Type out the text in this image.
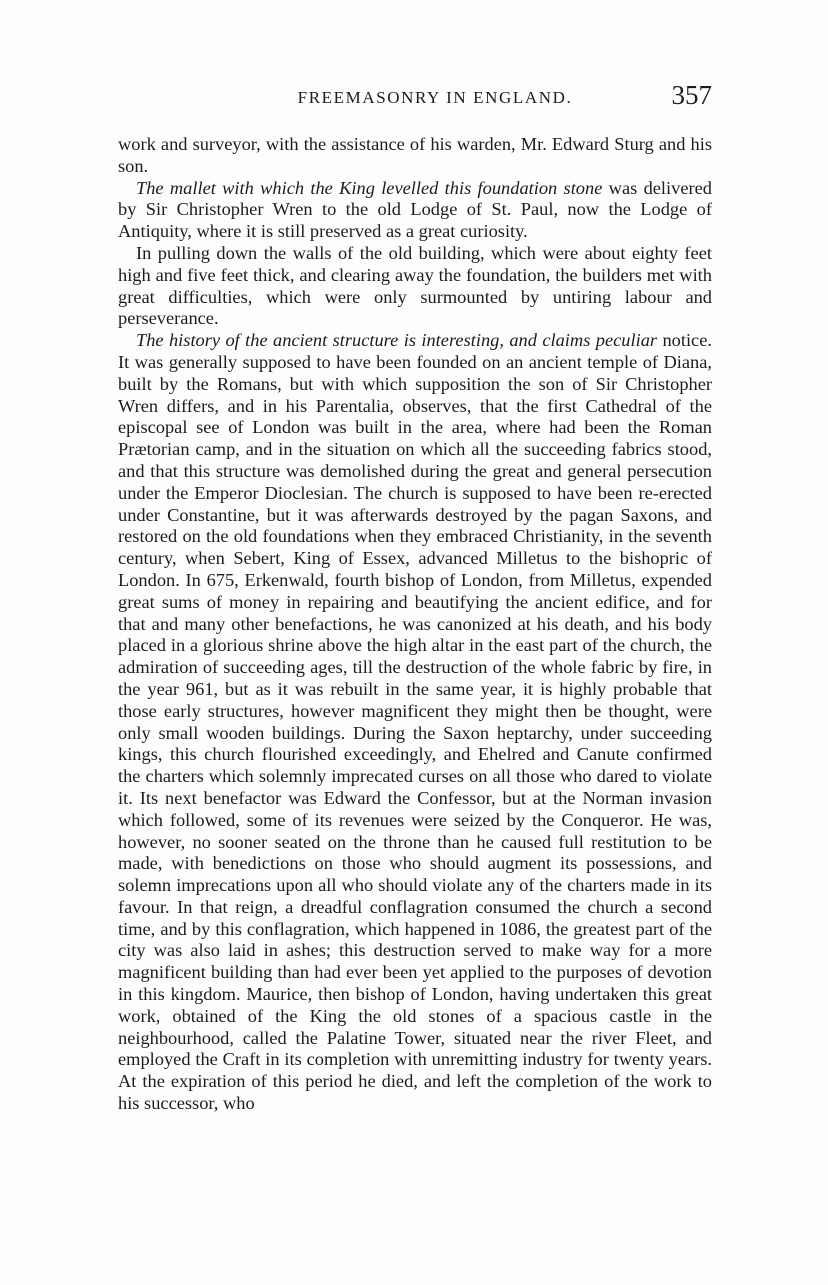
FREEMASONRY IN ENGLAND.	357

work and surveyor, with the assistance of his warden, Mr. Edward Sturg and his son.

The mallet with which the King levelled this foundation stone was delivered by Sir Christopher Wren to the old Lodge of St. Paul, now the Lodge of Antiquity, where it is still preserved as a great curiosity.

In pulling down the walls of the old building, which were about eighty feet high and five feet thick, and clearing away the foundation, the builders met with great difficulties, which were only surmounted by untiring labour and perseverance.

The history of the ancient structure is interesting, and claims peculiar notice. It was generally supposed to have been founded on an ancient temple of Diana, built by the Romans, but with which supposition the son of Sir Christopher Wren differs, and in his Parentalia, observes, that the first Cathedral of the episcopal see of London was built in the area, where had been the Roman Prætorian camp, and in the situation on which all the succeeding fabrics stood, and that this structure was demolished during the great and general persecution under the Emperor Dioclesian. The church is supposed to have been re-erected under Constantine, but it was afterwards destroyed by the pagan Saxons, and restored on the old foundations when they embraced Christianity, in the seventh century, when Sebert, King of Essex, advanced Milletus to the bishopric of London. In 675, Erkenwald, fourth bishop of London, from Milletus, expended great sums of money in repairing and beautifying the ancient edifice, and for that and many other benefactions, he was canonized at his death, and his body placed in a glorious shrine above the high altar in the east part of the church, the admiration of succeeding ages, till the destruction of the whole fabric by fire, in the year 961, but as it was rebuilt in the same year, it is highly probable that those early structures, however magnificent they might then be thought, were only small wooden buildings. During the Saxon heptarchy, under succeeding kings, this church flourished exceedingly, and Ehelred and Canute confirmed the charters which solemnly imprecated curses on all those who dared to violate it. Its next benefactor was Edward the Confessor, but at the Norman invasion which followed, some of its revenues were seized by the Conqueror. He was, however, no sooner seated on the throne than he caused full restitution to be made, with benedictions on those who should augment its possessions, and solemn imprecations upon all who should violate any of the charters made in its favour. In that reign, a dreadful conflagration consumed the church a second time, and by this conflagration, which happened in 1086, the greatest part of the city was also laid in ashes; this destruction served to make way for a more magnificent building than had ever been yet applied to the purposes of devotion in this kingdom. Maurice, then bishop of London, having undertaken this great work, obtained of the King the old stones of a spacious castle in the neighbourhood, called the Palatine Tower, situated near the river Fleet, and employed the Craft in its completion with unremitting industry for twenty years. At the expiration of this period he died, and left the completion of the work to his successor, who
